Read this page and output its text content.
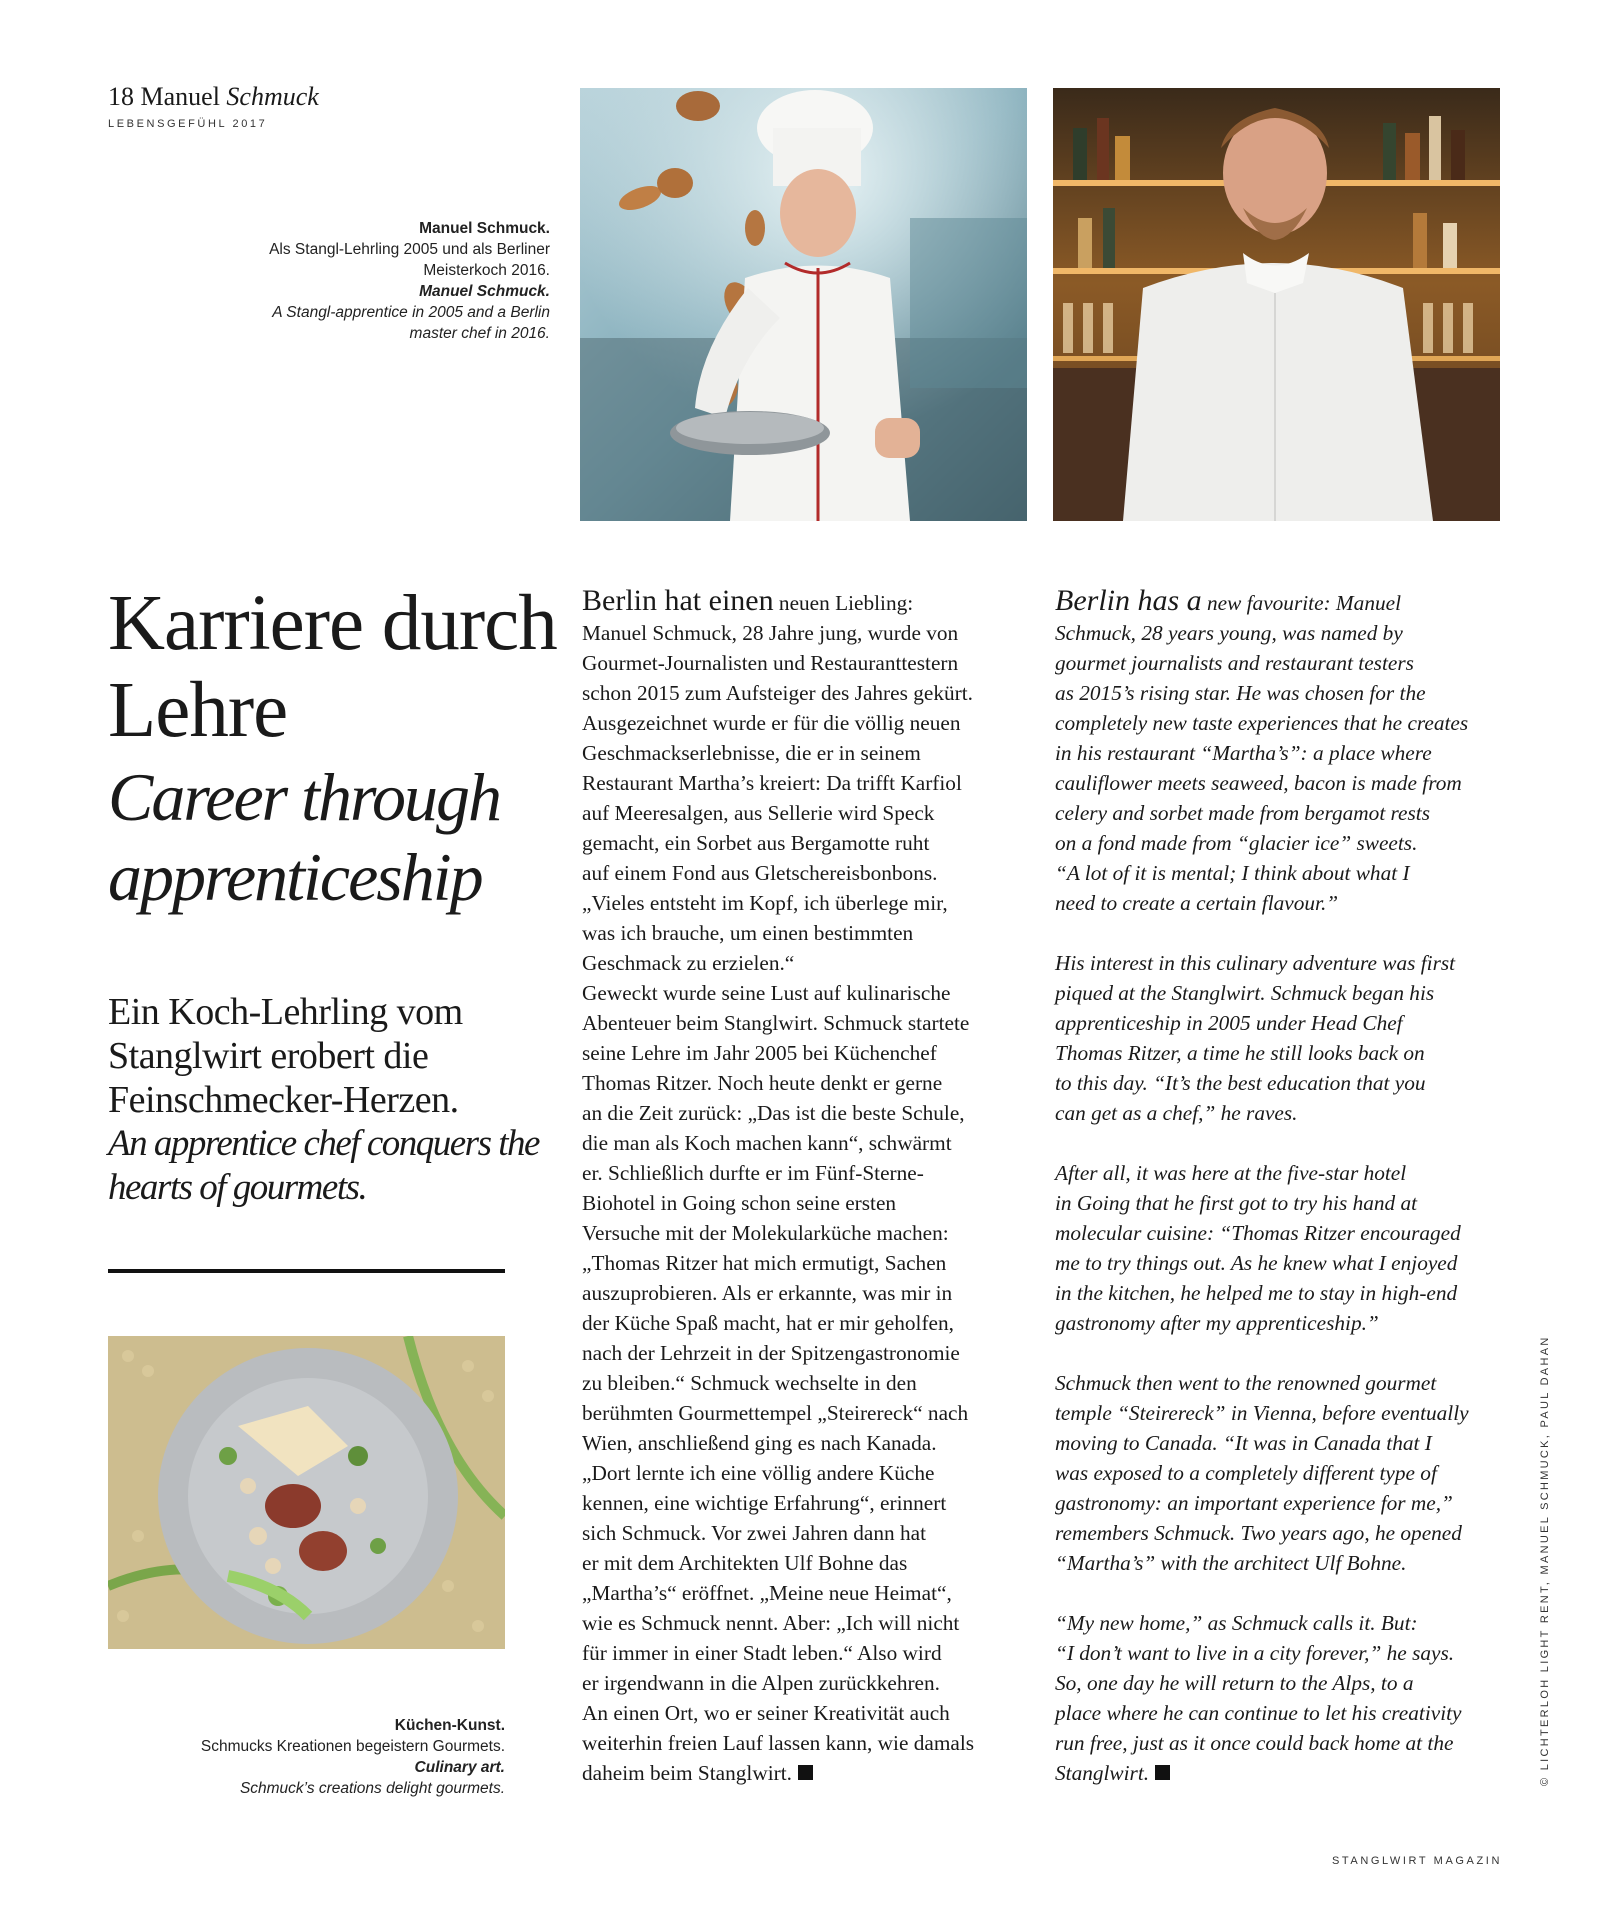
18 Manuel Schmuck
LEBENSGEFÜHL 2017
Manuel Schmuck.
Als Stangl-Lehrling 2005 und als Berliner Meisterkoch 2016.
Manuel Schmuck.
A Stangl-apprentice in 2005 and a Berlin master chef in 2016.
Karriere durch Lehre
Career through apprenticeship
Ein Koch-Lehrling vom Stanglwirt erobert die Feinschmecker-Herzen.
An apprentice chef conquers the hearts of gourmets.
Küchen-Kunst.
Schmucks Kreationen begeistern Gourmets.
Culinary art.
Schmuck’s creations delight gourmets.
Berlin hat einen neuen Liebling:
Manuel Schmuck, 28 Jahre jung, wurde von
Gourmet-Journalisten und Restauranttestern
schon 2015 zum Aufsteiger des Jahres gekürt.
Ausgezeichnet wurde er für die völlig neuen
Geschmackserlebnisse, die er in seinem
Restaurant Martha’s kreiert: Da trifft Karfiol
auf Meeresalgen, aus Sellerie wird Speck
gemacht, ein Sorbet aus Bergamotte ruht
auf einem Fond aus Gletschereisbonbons.
„Vieles entsteht im Kopf, ich überlege mir,
was ich brauche, um einen bestimmten
Geschmack zu erzielen.“
Geweckt wurde seine Lust auf kulinarische
Abenteuer beim Stanglwirt. Schmuck startete
seine Lehre im Jahr 2005 bei Küchenchef
Thomas Ritzer. Noch heute denkt er gerne
an die Zeit zurück: „Das ist die beste Schule,
die man als Koch machen kann“, schwärmt
er. Schließlich durfte er im Fünf-Sterne-
Biohotel in Going schon seine ersten
Versuche mit der Molekularküche machen:
„Thomas Ritzer hat mich ermutigt, Sachen
auszuprobieren. Als er erkannte, was mir in
der Küche Spaß macht, hat er mir geholfen,
nach der Lehrzeit in der Spitzengastronomie
zu bleiben.“ Schmuck wechselte in den
berühmten Gourmettempel „Steirereck“ nach
Wien, anschließend ging es nach Kanada.
„Dort lernte ich eine völlig andere Küche
kennen, eine wichtige Erfahrung“, erinnert
sich Schmuck. Vor zwei Jahren dann hat
er mit dem Architekten Ulf Bohne das
„Martha’s“ eröffnet. „Meine neue Heimat“,
wie es Schmuck nennt. Aber: „Ich will nicht
für immer in einer Stadt leben.“ Also wird
er irgendwann in die Alpen zurückkehren.
An einen Ort, wo er seiner Kreativität auch
weiterhin freien Lauf lassen kann, wie damals
daheim beim Stanglwirt.
Berlin has a new favourite: Manuel
Schmuck, 28 years young, was named by
gourmet journalists and restaurant testers
as 2015’s rising star. He was chosen for the
completely new taste experiences that he creates
in his restaurant “Martha’s”: a place where
cauliflower meets seaweed, bacon is made from
celery and sorbet made from bergamot rests
on a fond made from “glacier ice” sweets.
“A lot of it is mental; I think about what I
need to create a certain flavour.”

His interest in this culinary adventure was first
piqued at the Stanglwirt. Schmuck began his
apprenticeship in 2005 under Head Chef
Thomas Ritzer, a time he still looks back on
to this day. “It’s the best education that you
can get as a chef,” he raves.

After all, it was here at the five-star hotel
in Going that he first got to try his hand at
molecular cuisine: “Thomas Ritzer encouraged
me to try things out. As he knew what I enjoyed
in the kitchen, he helped me to stay in high-end
gastronomy after my apprenticeship.”

Schmuck then went to the renowned gourmet
temple “Steirereck” in Vienna, before eventually
moving to Canada. “It was in Canada that I
was exposed to a completely different type of
gastronomy: an important experience for me,”
remembers Schmuck. Two years ago, he opened
“Martha’s” with the architect Ulf Bohne.

“My new home,” as Schmuck calls it. But:
“I don’t want to live in a city forever,” he says.
So, one day he will return to the Alps, to a
place where he can continue to let his creativity
run free, just as it once could back home at the
Stanglwirt.	© LICHTERLOH LIGHT RENT, MANUEL SCHMUCK, PAUL DAHAN
STANGLWIRT MAGAZIN
